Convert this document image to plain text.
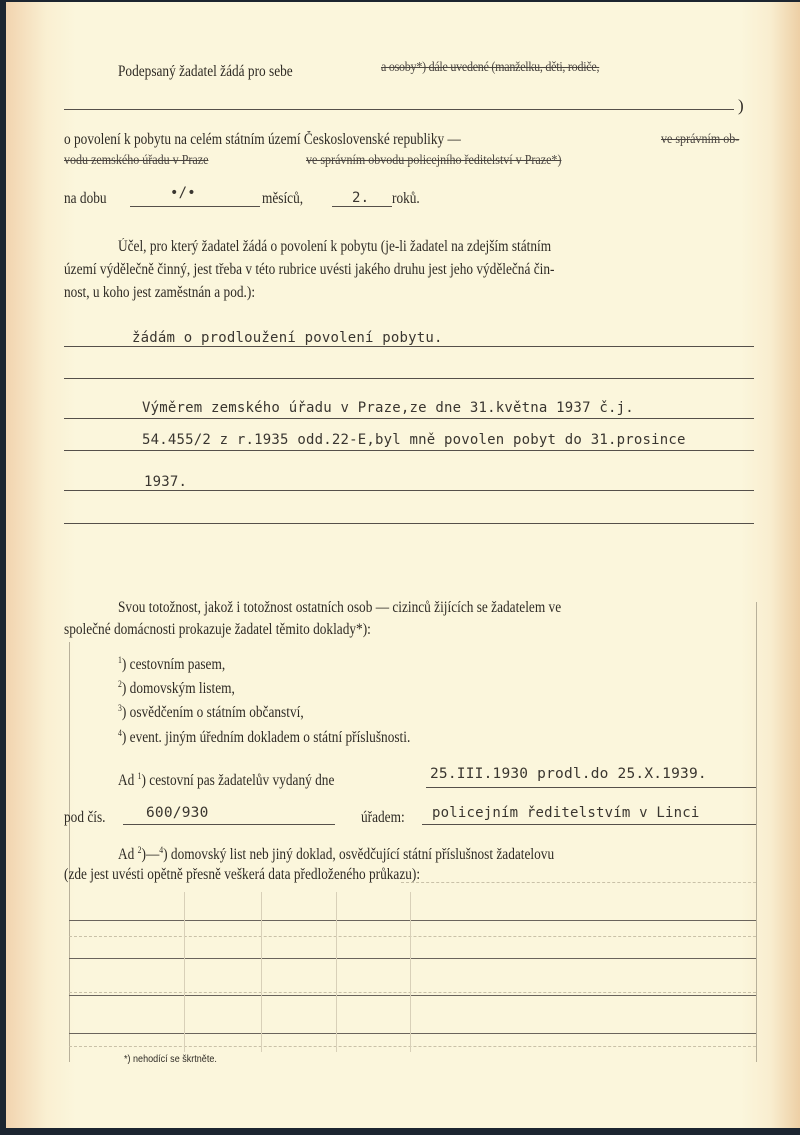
Podepsaný žadatel žádá pro sebe	a osoby*) dále uvedené (manželku, děti, rodiče,
)
o povolení k pobytu na celém státním území Československé republiky —	ve správním ob-
vodu zemského úřadu v Praze	ve správním obvodu policejního ředitelství v Praze*)
na dobu	•/•	měsíců,	2. roků.
Účel, pro který žadatel žádá o povolení k pobytu (je-li žadatel na zdejším státním
území výdělečně činný, jest třeba v této rubrice uvésti jakého druhu jest jeho výdělečná čin-
nost, u koho jest zaměstnán a pod.):
žádám o prodloužení povolení pobytu.
Výměrem zemského úřadu v Praze,ze dne 31.května 1937 č.j.
54.455/2 z r.1935 odd.22-E,byl mně povolen pobyt do 31.prosince
1937.
Svou totožnost, jakož i totožnost ostatních osob — cizinců žijících se žadatelem ve
společné domácnosti prokazuje žadatel těmito doklady*):
$^1$) cestovním pasem,
$^2$) domovským listem,
$^3$) osvědčením o státním občanství,
$^4$) event. jiným úředním dokladem o státní příslušnosti.
Ad $^1$) cestovní pas žadatelův vydaný dne	25.III.1930 prodl.do 25.X.1939.
pod čís.	600/930	úřadem: policejním ředitelstvím v Linci
Ad $^2$)—$^4$) domovský list neb jiný doklad, osvědčující státní příslušnost žadatelovu
(zde jest uvésti opětně přesně veškerá data předloženého průkazu):
*) nehodící se škrtněte.
